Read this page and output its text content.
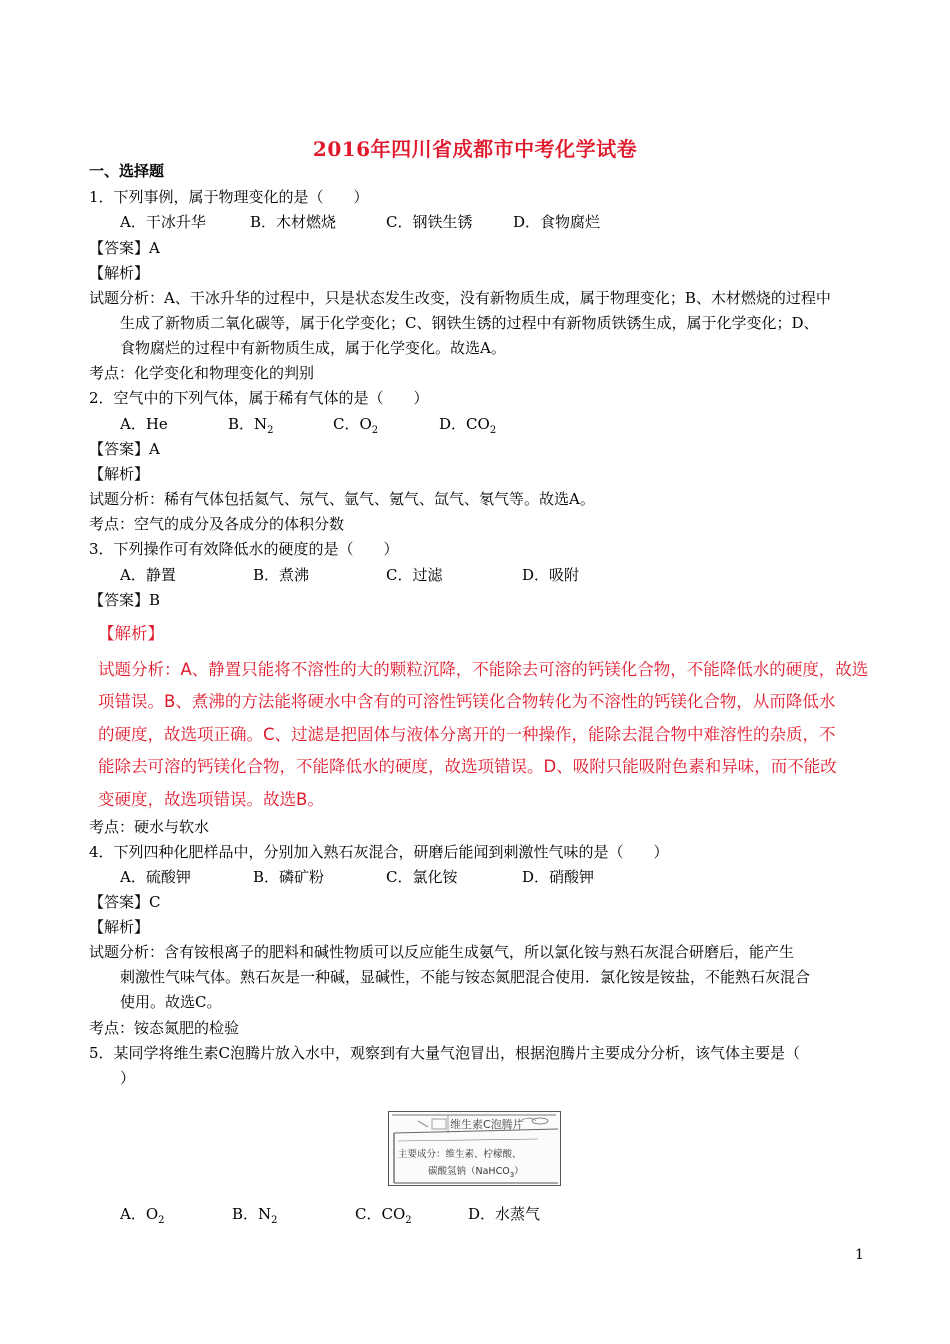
2016年四川省成都市中考化学试卷
一、选择题
1．下列事例，属于物理变化的是（　　）
A．干冰升华	B．木材燃烧	C．钢铁生锈	D．食物腐烂
【答案】A
【解析】
试题分析：A、干冰升华的过程中，只是状态发生改变，没有新物质生成，属于物理变化；B、木材燃烧的过程中
生成了新物质二氧化碳等，属于化学变化；C、钢铁生锈的过程中有新物质铁锈生成，属于化学变化；D、
食物腐烂的过程中有新物质生成，属于化学变化。故选A。
考点：化学变化和物理变化的判别
2．空气中的下列气体，属于稀有气体的是（　　）
A．He	B．$N_2$	C．$O_2$	D．$CO_2$
【答案】A
【解析】
试题分析：稀有气体包括氦气、氖气、氩气、氪气、氙气、氡气等。故选A。
考点：空气的成分及各成分的体积分数
3．下列操作可有效降低水的硬度的是（　　）
A．静置	B．煮沸	C．过滤	D．吸附
【答案】B
【解析】
试题分析：A、静置只能将不溶性的大的颗粒沉降，不能除去可溶的钙镁化合物，不能降低水的硬度，故选
项错误。B、煮沸的方法能将硬水中含有的可溶性钙镁化合物转化为不溶性的钙镁化合物，从而降低水
的硬度，故选项正确。C、过滤是把固体与液体分离开的一种操作，能除去混合物中难溶性的杂质，不
能除去可溶的钙镁化合物，不能降低水的硬度，故选项错误。D、吸附只能吸附色素和异味，而不能改
变硬度，故选项错误。故选B。
考点：硬水与软水
4．下列四种化肥样品中，分别加入熟石灰混合，研磨后能闻到刺激性气味的是（　　）
A．硫酸钾	B．磷矿粉	C．氯化铵	D．硝酸钾
【答案】C
【解析】
试题分析：含有铵根离子的肥料和碱性物质可以反应能生成氨气，所以氯化铵与熟石灰混合研磨后，能产生
刺激性气味气体。熟石灰是一种碱，显碱性，不能与铵态氮肥混合使用．氯化铵是铵盐，不能熟石灰混合
使用。故选C。
考点：铵态氮肥的检验
5．某同学将维生素C泡腾片放入水中，观察到有大量气泡冒出，根据泡腾片主要成分分析，该气体主要是（
）
维生素C泡腾片
主要成分：维生素、柠檬酸、
碳酸氢钠（NaHCO$_3$）
A．$O_2$	B．$N_2$	C．$CO_2$	D．水蒸气
1
